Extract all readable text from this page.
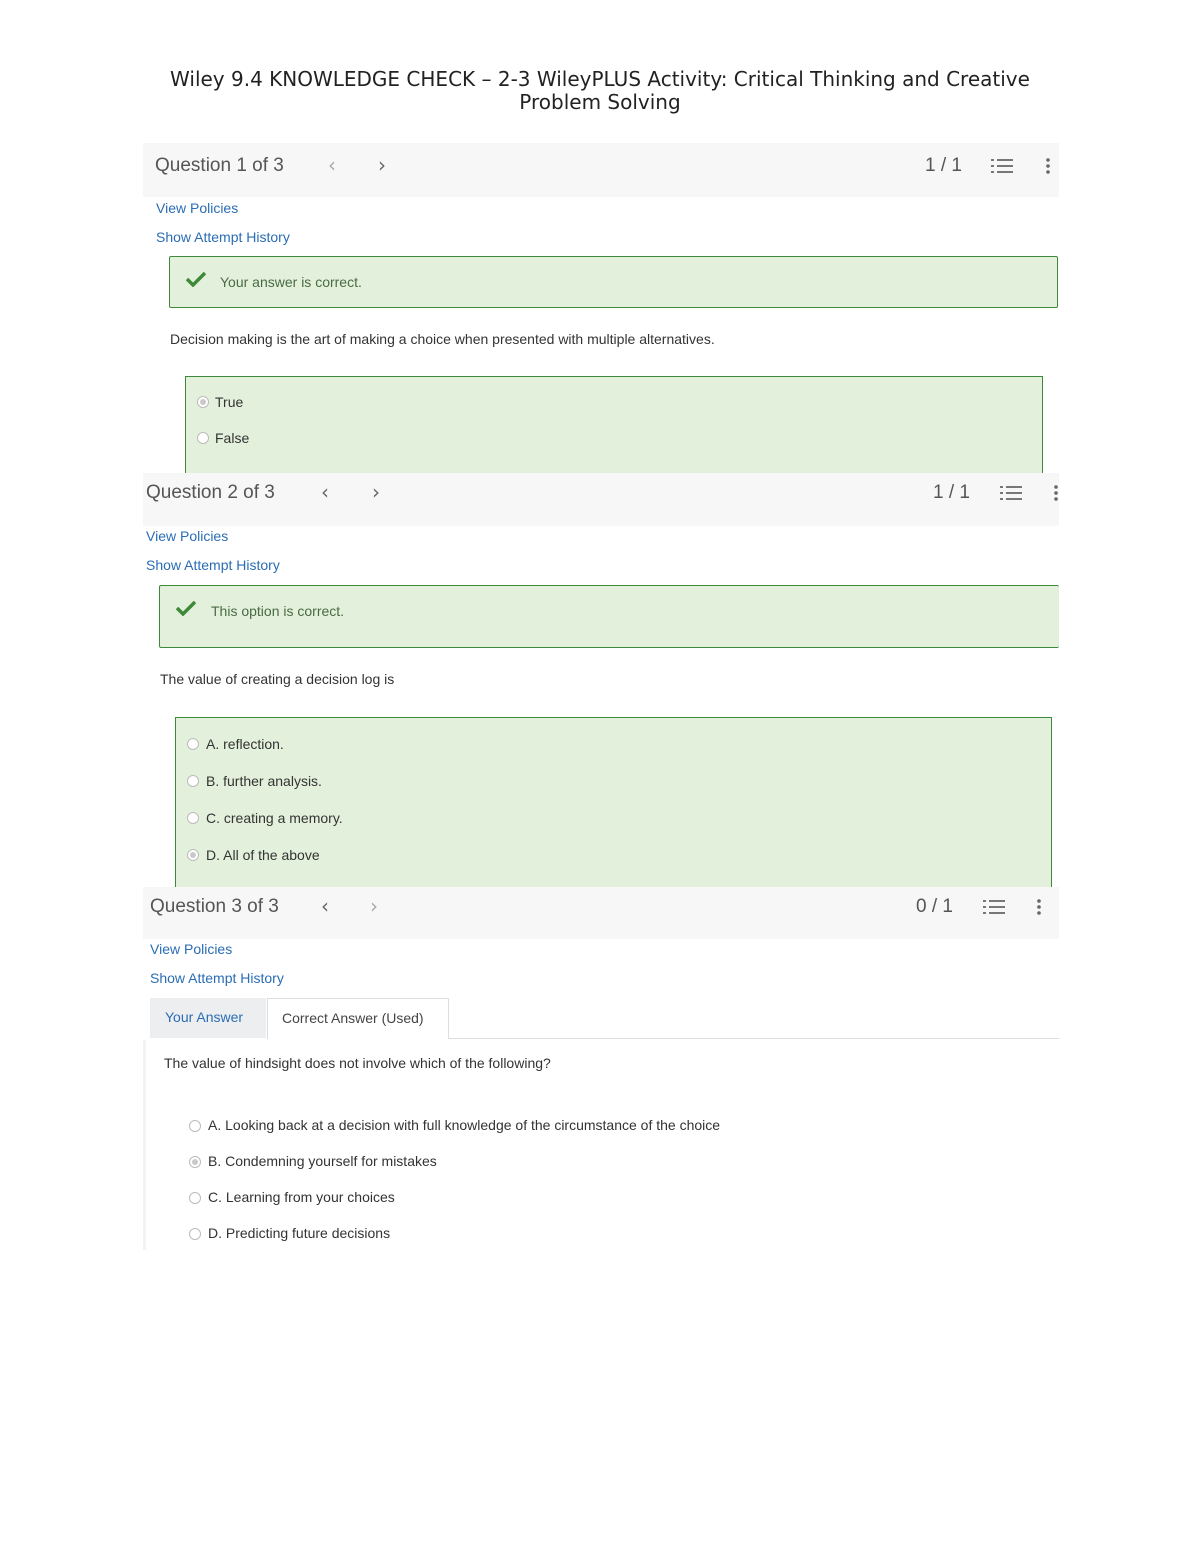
Wiley 9.4 KNOWLEDGE CHECK – 2-3 WileyPLUS Activity: Critical Thinking and Creative
Problem Solving
Question 1 of 3 ‹ ›	1 / 1
View Policies
Show Attempt History
Your answer is correct.
Decision making is the art of making a choice when presented with multiple alternatives.
True
False
Question 2 of 3 ‹ ›	1 / 1
View Policies
Show Attempt History
This option is correct.
The value of creating a decision log is
A. reflection.
B. further analysis.
C. creating a memory.
D. All of the above
Question 3 of 3 ‹ ›	0 / 1
View Policies
Show Attempt History
Your Answer	Correct Answer (Used)
The value of hindsight does not involve which of the following?
A. Looking back at a decision with full knowledge of the circumstance of the choice
B. Condemning yourself for mistakes
C. Learning from your choices
D. Predicting future decisions
